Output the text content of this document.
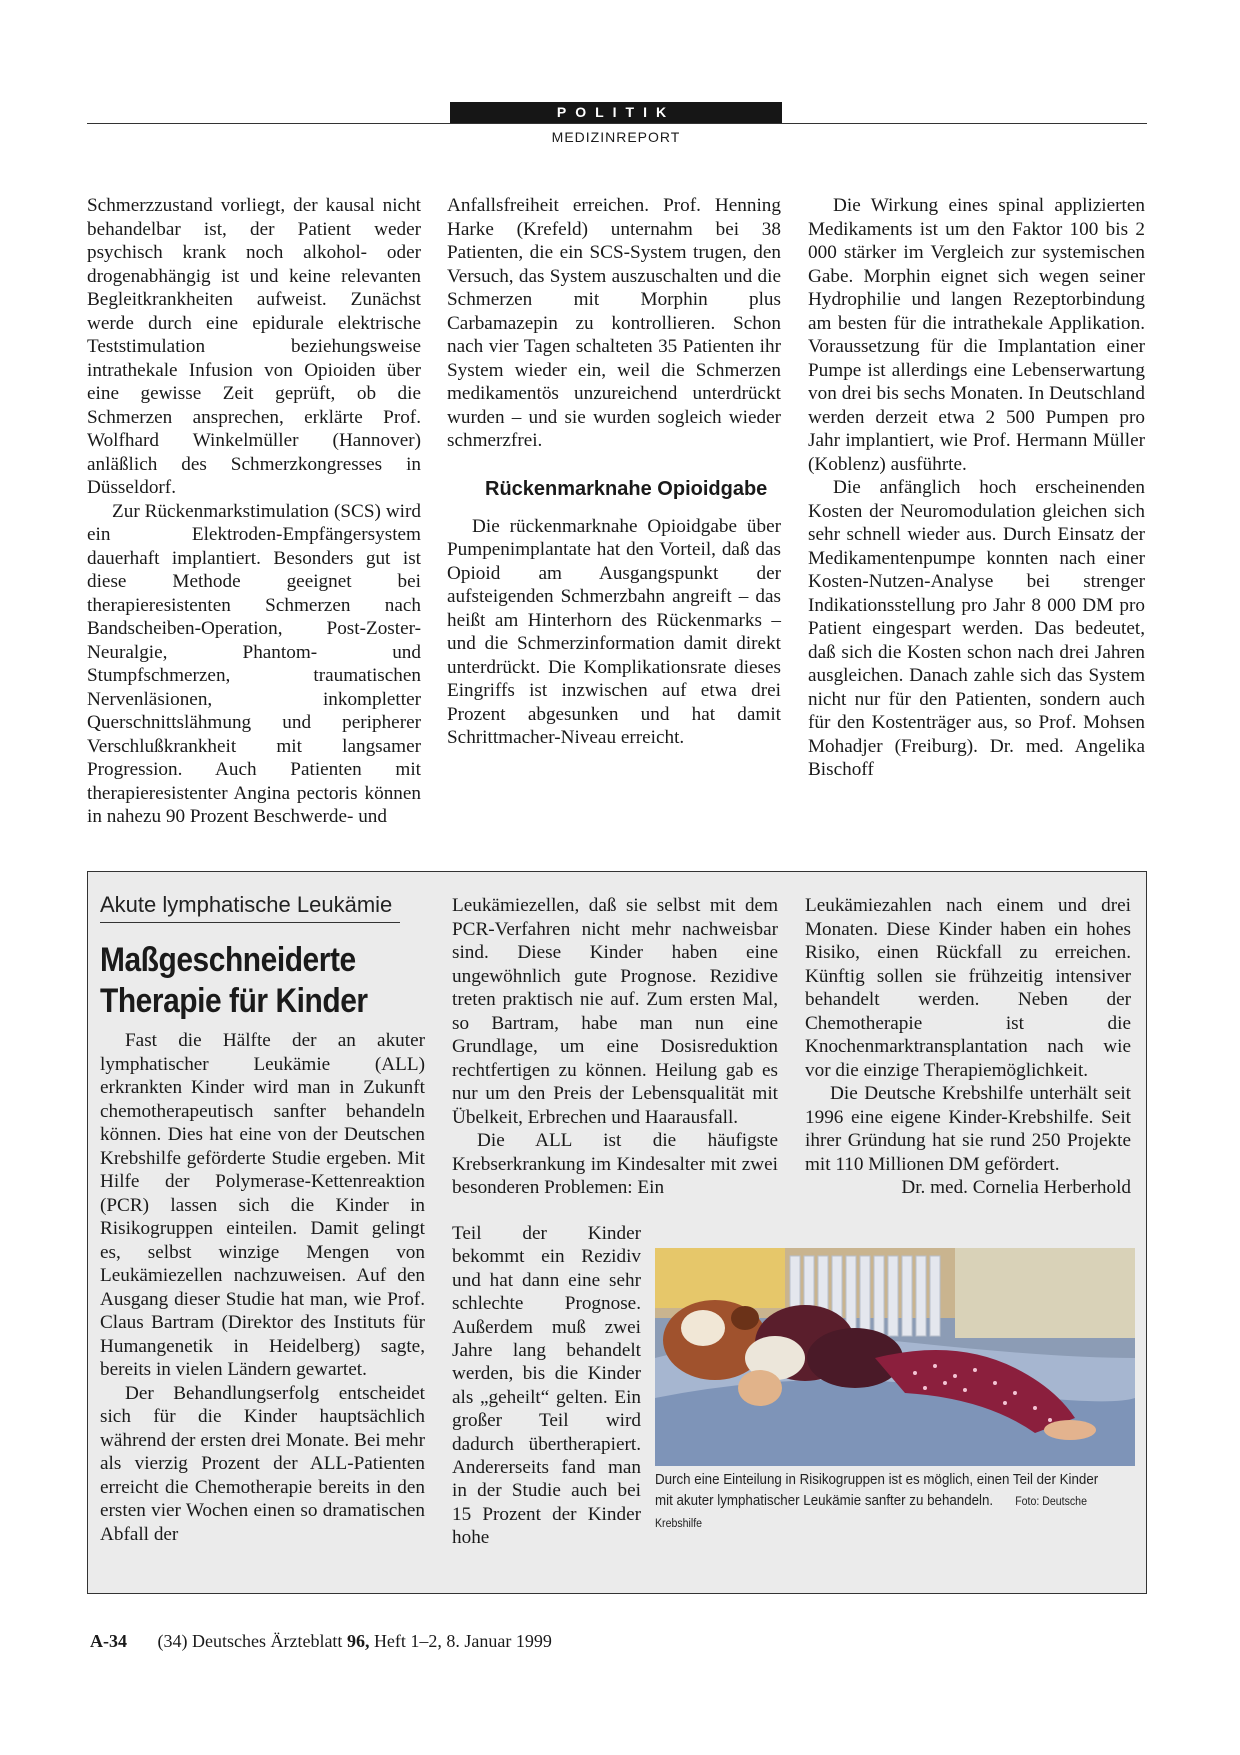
POLITIK
MEDIZINREPORT

Schmerzzustand vorliegt, der kausal nicht behandelbar ist, der Patient weder psychisch krank noch alkohol- oder drogenabhängig ist und keine relevanten Begleitkrankheiten aufweist. Zunächst werde durch eine epidurale elektrische Teststimulation beziehungsweise intrathekale Infusion von Opioiden über eine gewisse Zeit geprüft, ob die Schmerzen ansprechen, erklärte Prof. Wolfhard Winkelmüller (Hannover) anläßlich des Schmerzkongresses in Düsseldorf.

Zur Rückenmarkstimulation (SCS) wird ein Elektroden-Empfängersystem dauerhaft implantiert. Besonders gut ist diese Methode geeignet bei therapieresistenten Schmerzen nach Bandscheiben-Operation, Post-Zoster-Neuralgie, Phantom- und Stumpfschmerzen, traumatischen Nervenläsionen, inkompletter Querschnittslähmung und peripherer Verschlußkrankheit mit langsamer Progression. Auch Patienten mit therapieresistenter Angina pectoris können in nahezu 90 Prozent Beschwerde- und

Anfallsfreiheit erreichen. Prof. Henning Harke (Krefeld) unternahm bei 38 Patienten, die ein SCS-System trugen, den Versuch, das System auszuschalten und die Schmerzen mit Morphin plus Carbamazepin zu kontrollieren. Schon nach vier Tagen schalteten 35 Patienten ihr System wieder ein, weil die Schmerzen medikamentös unzureichend unterdrückt wurden – und sie wurden sogleich wieder schmerzfrei.

Rückenmarknahe Opioidgabe

Die rückenmarknahe Opioidgabe über Pumpenimplantate hat den Vorteil, daß das Opioid am Ausgangspunkt der aufsteigenden Schmerzbahn angreift – das heißt am Hinterhorn des Rückenmarks – und die Schmerzinformation damit direkt unterdrückt. Die Komplikationsrate dieses Eingriffs ist inzwischen auf etwa drei Prozent abgesunken und hat damit Schrittmacher-Niveau erreicht.

Die Wirkung eines spinal applizierten Medikaments ist um den Faktor 100 bis 2 000 stärker im Vergleich zur systemischen Gabe. Morphin eignet sich wegen seiner Hydrophilie und langen Rezeptorbindung am besten für die intrathekale Applikation. Voraussetzung für die Implantation einer Pumpe ist allerdings eine Lebenserwartung von drei bis sechs Monaten. In Deutschland werden derzeit etwa 2 500 Pumpen pro Jahr implantiert, wie Prof. Hermann Müller (Koblenz) ausführte.

Die anfänglich hoch erscheinenden Kosten der Neuromodulation gleichen sich sehr schnell wieder aus. Durch Einsatz der Medikamentenpumpe konnten nach einer Kosten-Nutzen-Analyse bei strenger Indikationsstellung pro Jahr 8 000 DM pro Patient eingespart werden. Das bedeutet, daß sich die Kosten schon nach drei Jahren ausgleichen. Danach zahle sich das System nicht nur für den Patienten, sondern auch für den Kostenträger aus, so Prof. Mohsen Mohadjer (Freiburg). Dr. med. Angelika Bischoff

Akute lymphatische Leukämie
Maßgeschneiderte
Therapie für Kinder

Fast die Hälfte der an akuter lymphatischer Leukämie (ALL) erkrankten Kinder wird man in Zukunft chemotherapeutisch sanfter behandeln können. Dies hat eine von der Deutschen Krebshilfe geförderte Studie ergeben. Mit Hilfe der Polymerase-Kettenreaktion (PCR) lassen sich die Kinder in Risikogruppen einteilen. Damit gelingt es, selbst winzige Mengen von Leukämiezellen nachzuweisen. Auf den Ausgang dieser Studie hat man, wie Prof. Claus Bartram (Direktor des Instituts für Humangenetik in Heidelberg) sagte, bereits in vielen Ländern gewartet.

Der Behandlungserfolg entscheidet sich für die Kinder hauptsächlich während der ersten drei Monate. Bei mehr als vierzig Prozent der ALL-Patienten erreicht die Chemotherapie bereits in den ersten vier Wochen einen so dramatischen Abfall der

Leukämiezellen, daß sie selbst mit dem PCR-Verfahren nicht mehr nachweisbar sind. Diese Kinder haben eine ungewöhnlich gute Prognose. Rezidive treten praktisch nie auf. Zum ersten Mal, so Bartram, habe man nun eine Grundlage, um eine Dosisreduktion rechtfertigen zu können. Heilung gab es nur um den Preis der Lebensqualität mit Übelkeit, Erbrechen und Haarausfall.

Die ALL ist die häufigste Krebserkrankung im Kindesalter mit zwei besonderen Problemen: Ein

Teil der Kinder bekommt ein Rezidiv und hat dann eine sehr schlechte Prognose. Außerdem muß zwei Jahre lang behandelt werden, bis die Kinder als „geheilt“ gelten. Ein großer Teil wird dadurch übertherapiert. Andererseits fand man in der Studie auch bei 15 Prozent der Kinder hohe

Leukämiezahlen nach einem und drei Monaten. Diese Kinder haben ein hohes Risiko, einen Rückfall zu erreichen. Künftig sollen sie frühzeitig intensiver behandelt werden. Neben der Chemotherapie ist die Knochenmarktransplantation nach wie vor die einzige Therapiemöglichkeit.

Die Deutsche Krebshilfe unterhält seit 1996 eine eigene Kinder-Krebshilfe. Seit ihrer Gründung hat sie rund 250 Projekte mit 110 Millionen DM gefördert.

Dr. med. Cornelia Herberhold

Durch eine Einteilung in Risikogruppen ist es möglich, einen Teil der Kinder mit akuter lymphatischer Leukämie sanfter zu behandeln. Foto: Deutsche Krebshilfe
A-34 (34) Deutsches Ärzteblatt 96, Heft 1–2, 8. Januar 1999
